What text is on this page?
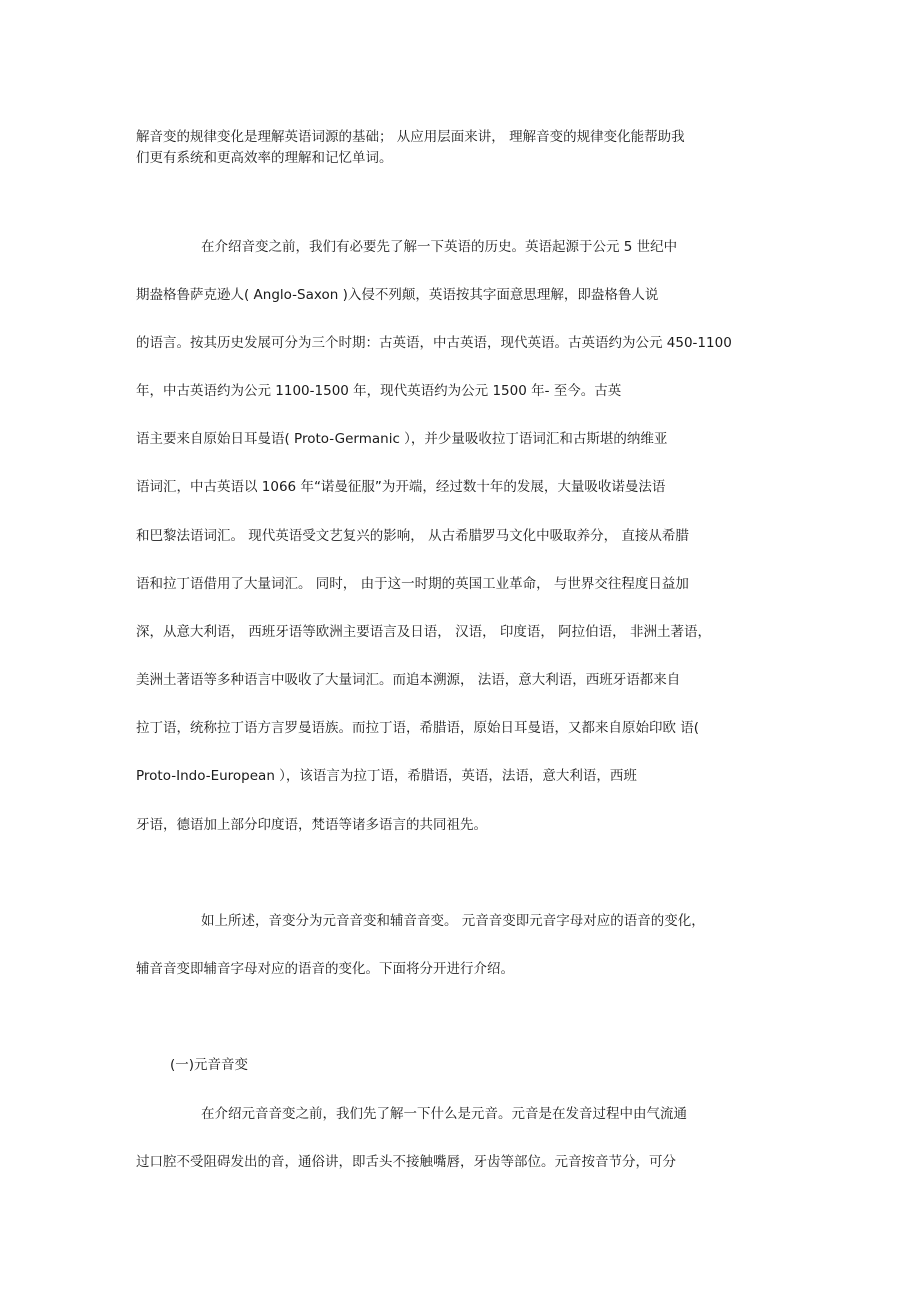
解音变的规律变化是理解英语词源的基础； 从应用层面来讲， 理解音变的规律变化能帮助我
们更有系统和更高效率的理解和记忆单词。
在介绍音变之前，我们有必要先了解一下英语的历史。英语起源于公元 5 世纪中
期盎格鲁萨克逊人( Anglo-Saxon )入侵不列颠，英语按其字面意思理解，即盎格鲁人说
的语言。按其历史发展可分为三个时期：古英语，中古英语，现代英语。古英语约为公元 450-1100
年，中古英语约为公元 1100-1500 年，现代英语约为公元 1500 年- 至今。古英
语主要来自原始日耳曼语( Proto-Germanic ），并少量吸收拉丁语词汇和古斯堪的纳维亚
语词汇，中古英语以 1066 年“诺曼征服”为开端，经过数十年的发展，大量吸收诺曼法语
和巴黎法语词汇。 现代英语受文艺复兴的影响， 从古希腊罗马文化中吸取养分， 直接从希腊
语和拉丁语借用了大量词汇。 同时， 由于这一时期的英国工业革命， 与世界交往程度日益加
深，从意大利语， 西班牙语等欧洲主要语言及日语， 汉语， 印度语， 阿拉伯语， 非洲土著语，
美洲土著语等多种语言中吸收了大量词汇。而追本溯源， 法语，意大利语，西班牙语都来自
拉丁语，统称拉丁语方言罗曼语族。而拉丁语，希腊语，原始日耳曼语，又都来自原始印欧 语(
Proto-Indo-European ），该语言为拉丁语，希腊语，英语，法语，意大利语，西班
牙语，德语加上部分印度语，梵语等诸多语言的共同祖先。
如上所述，音变分为元音音变和辅音音变。 元音音变即元音字母对应的语音的变化，
辅音音变即辅音字母对应的语音的变化。下面将分开进行介绍。
(一)元音音变
在介绍元音音变之前，我们先了解一下什么是元音。元音是在发音过程中由气流通
过口腔不受阻碍发出的音，通俗讲，即舌头不接触嘴唇，牙齿等部位。元音按音节分，可分
